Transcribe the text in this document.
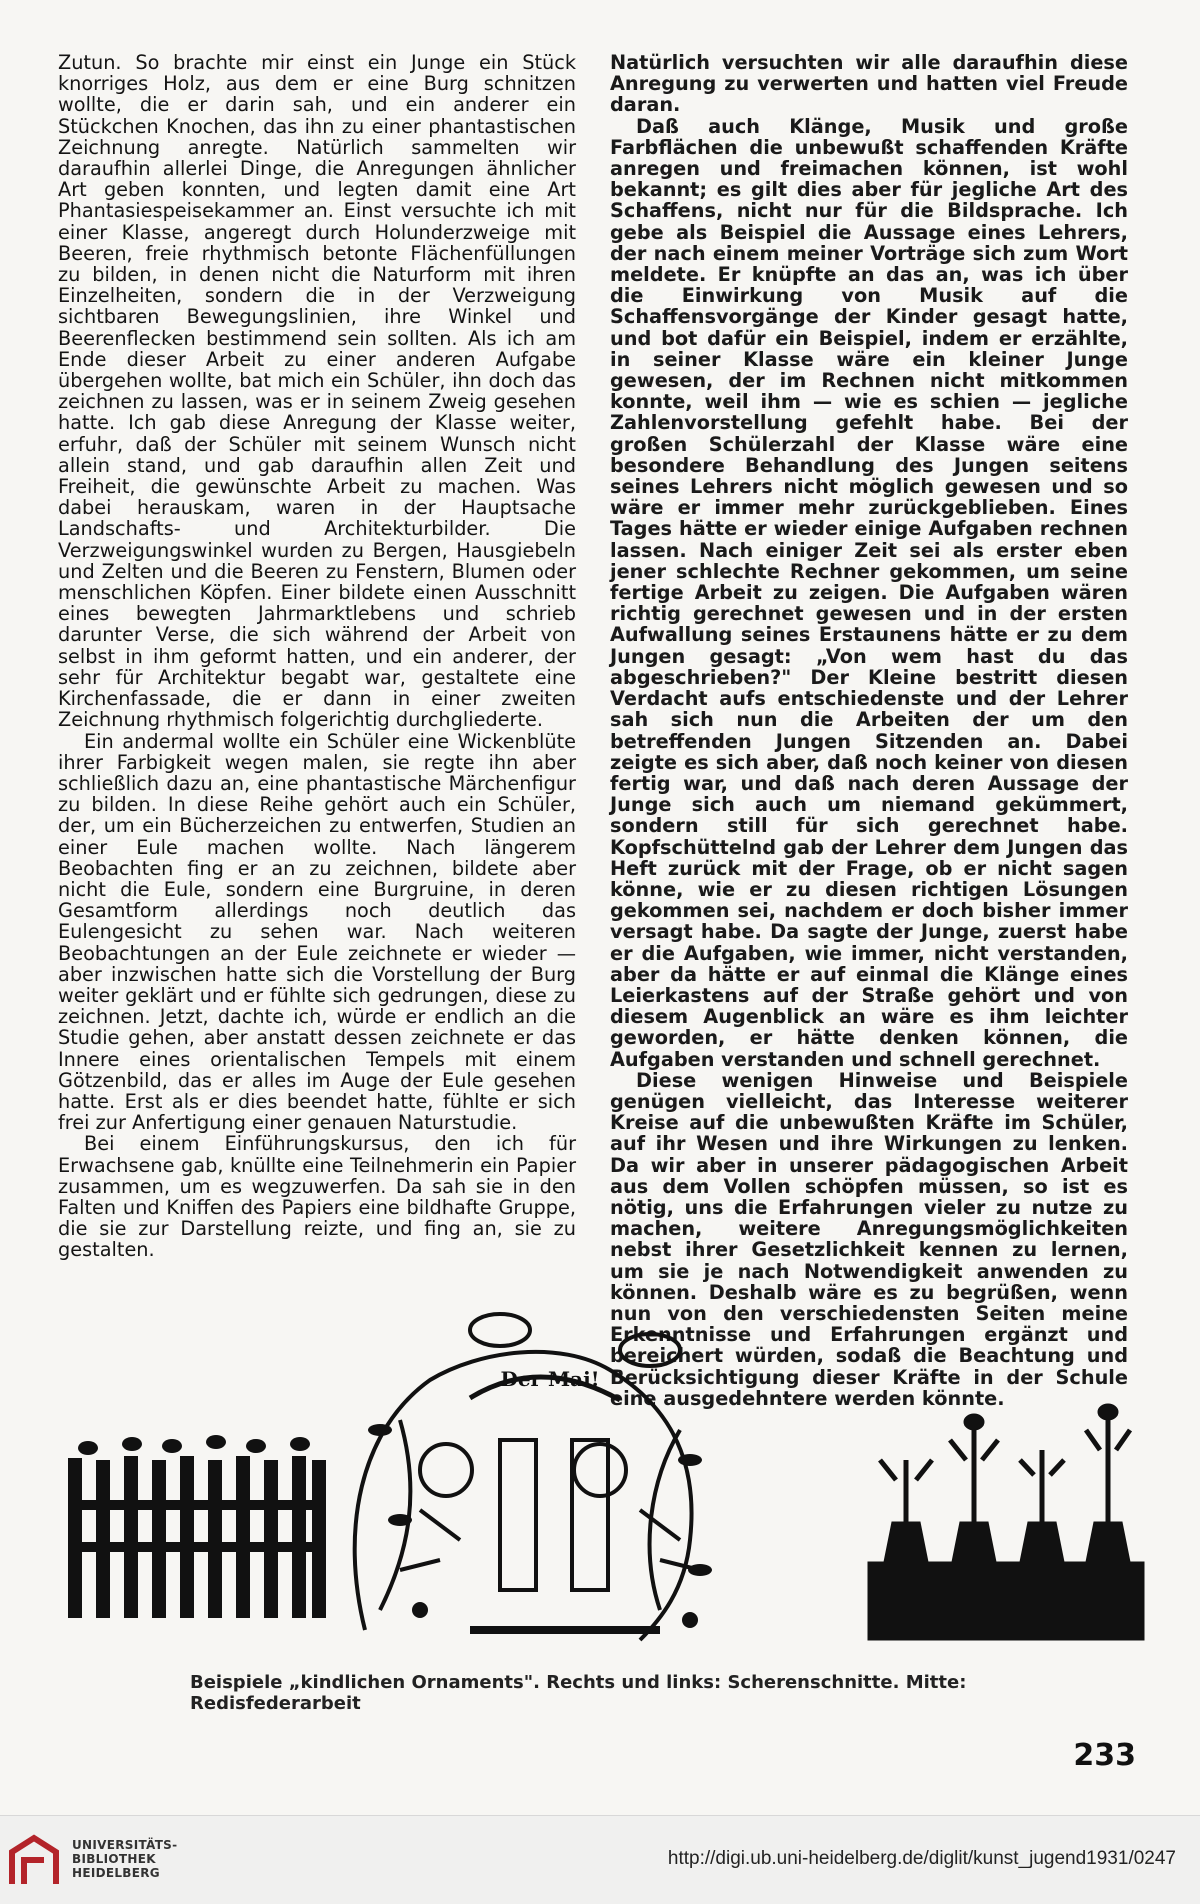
Zutun. So brachte mir einst ein Junge ein Stück knorriges Holz, aus dem er eine Burg schnitzen wollte, die er darin sah, und ein anderer ein Stückchen Knochen, das ihn zu einer phantastischen Zeichnung anregte. Natürlich sammelten wir daraufhin allerlei Dinge, die Anregungen ähnlicher Art geben konnten, und legten damit eine Art Phantasiespeisekammer an. Einst versuchte ich mit einer Klasse, angeregt durch Holunderzweige mit Beeren, freie rhythmisch betonte Flächenfüllungen zu bilden, in denen nicht die Naturform mit ihren Einzelheiten, sondern die in der Verzweigung sichtbaren Bewegungslinien, ihre Winkel und Beerenflecken bestimmend sein sollten. Als ich am Ende dieser Arbeit zu einer anderen Aufgabe übergehen wollte, bat mich ein Schüler, ihn doch das zeichnen zu lassen, was er in seinem Zweig gesehen hatte. Ich gab diese Anregung der Klasse weiter, erfuhr, daß der Schüler mit seinem Wunsch nicht allein stand, und gab daraufhin allen Zeit und Freiheit, die gewünschte Arbeit zu machen. Was dabei herauskam, waren in der Hauptsache Landschafts- und Architekturbilder. Die Verzweigungswinkel wurden zu Bergen, Hausgiebeln und Zelten und die Beeren zu Fenstern, Blumen oder menschlichen Köpfen. Einer bildete einen Ausschnitt eines bewegten Jahrmarktlebens und schrieb darunter Verse, die sich während der Arbeit von selbst in ihm geformt hatten, und ein anderer, der sehr für Architektur begabt war, gestaltete eine Kirchenfassade, die er dann in einer zweiten Zeichnung rhythmisch folgerichtig durchgliederte.

Ein andermal wollte ein Schüler eine Wickenblüte ihrer Farbigkeit wegen malen, sie regte ihn aber schließlich dazu an, eine phantastische Märchenfigur zu bilden. In diese Reihe gehört auch ein Schüler, der, um ein Bücherzeichen zu entwerfen, Studien an einer Eule machen wollte. Nach längerem Beobachten fing er an zu zeichnen, bildete aber nicht die Eule, sondern eine Burgruine, in deren Gesamtform allerdings noch deutlich das Eulengesicht zu sehen war. Nach weiteren Beobachtungen an der Eule zeichnete er wieder — aber inzwischen hatte sich die Vorstellung der Burg weiter geklärt und er fühlte sich gedrungen, diese zu zeichnen. Jetzt, dachte ich, würde er endlich an die Studie gehen, aber anstatt dessen zeichnete er das Innere eines orientalischen Tempels mit einem Götzenbild, das er alles im Auge der Eule gesehen hatte. Erst als er dies beendet hatte, fühlte er sich frei zur Anfertigung einer genauen Naturstudie.

Bei einem Einführungskursus, den ich für Erwachsene gab, knüllte eine Teilnehmerin ein Papier zusammen, um es wegzuwerfen. Da sah sie in den Falten und Kniffen des Papiers eine bildhafte Gruppe, die sie zur Darstellung reizte, und fing an, sie zu gestalten.

Natürlich versuchten wir alle daraufhin diese Anregung zu verwerten und hatten viel Freude daran.

Daß auch Klänge, Musik und große Farbflächen die unbewußt schaffenden Kräfte anregen und freimachen können, ist wohl bekannt; es gilt dies aber für jegliche Art des Schaffens, nicht nur für die Bildsprache. Ich gebe als Beispiel die Aussage eines Lehrers, der nach einem meiner Vorträge sich zum Wort meldete. Er knüpfte an das an, was ich über die Einwirkung von Musik auf die Schaffensvorgänge der Kinder gesagt hatte, und bot dafür ein Beispiel, indem er erzählte, in seiner Klasse wäre ein kleiner Junge gewesen, der im Rechnen nicht mitkommen konnte, weil ihm — wie es schien — jegliche Zahlenvorstellung gefehlt habe. Bei der großen Schülerzahl der Klasse wäre eine besondere Behandlung des Jungen seitens seines Lehrers nicht möglich gewesen und so wäre er immer mehr zurückgeblieben. Eines Tages hätte er wieder einige Aufgaben rechnen lassen. Nach einiger Zeit sei als erster eben jener schlechte Rechner gekommen, um seine fertige Arbeit zu zeigen. Die Aufgaben wären richtig gerechnet gewesen und in der ersten Aufwallung seines Erstaunens hätte er zu dem Jungen gesagt: „Von wem hast du das abgeschrieben?" Der Kleine bestritt diesen Verdacht aufs entschiedenste und der Lehrer sah sich nun die Arbeiten der um den betreffenden Jungen Sitzenden an. Dabei zeigte es sich aber, daß noch keiner von diesen fertig war, und daß nach deren Aussage der Junge sich auch um niemand gekümmert, sondern still für sich gerechnet habe. Kopfschüttelnd gab der Lehrer dem Jungen das Heft zurück mit der Frage, ob er nicht sagen könne, wie er zu diesen richtigen Lösungen gekommen sei, nachdem er doch bisher immer versagt habe. Da sagte der Junge, zuerst habe er die Aufgaben, wie immer, nicht verstanden, aber da hätte er auf einmal die Klänge eines Leierkastens auf der Straße gehört und von diesem Augenblick an wäre es ihm leichter geworden, er hätte denken können, die Aufgaben verstanden und schnell gerechnet.

Diese wenigen Hinweise und Beispiele genügen vielleicht, das Interesse weiterer Kreise auf die unbewußten Kräfte im Schüler, auf ihr Wesen und ihre Wirkungen zu lenken. Da wir aber in unserer pädagogischen Arbeit aus dem Vollen schöpfen müssen, so ist es nötig, uns die Erfahrungen vieler zu nutze zu machen, weitere Anregungsmöglichkeiten nebst ihrer Gesetzlichkeit kennen zu lernen, um sie je nach Notwendigkeit anwenden zu können. Deshalb wäre es zu begrüßen, wenn nun von den verschiedensten Seiten meine Erkenntnisse und Erfahrungen ergänzt und bereichert würden, sodaß die Beachtung und Berücksichtigung dieser Kräfte in der Schule eine ausgedehntere werden könnte.

Der Mai!
Beispiele „kindlichen Ornaments". Rechts und links: Scherenschnitte. Mitte: Redisfederarbeit
233
UNIVERSITÄTS-
BIBLIOTHEK
HEIDELBERG
http://digi.ub.uni-heidelberg.de/diglit/kunst_jugend1931/0247
